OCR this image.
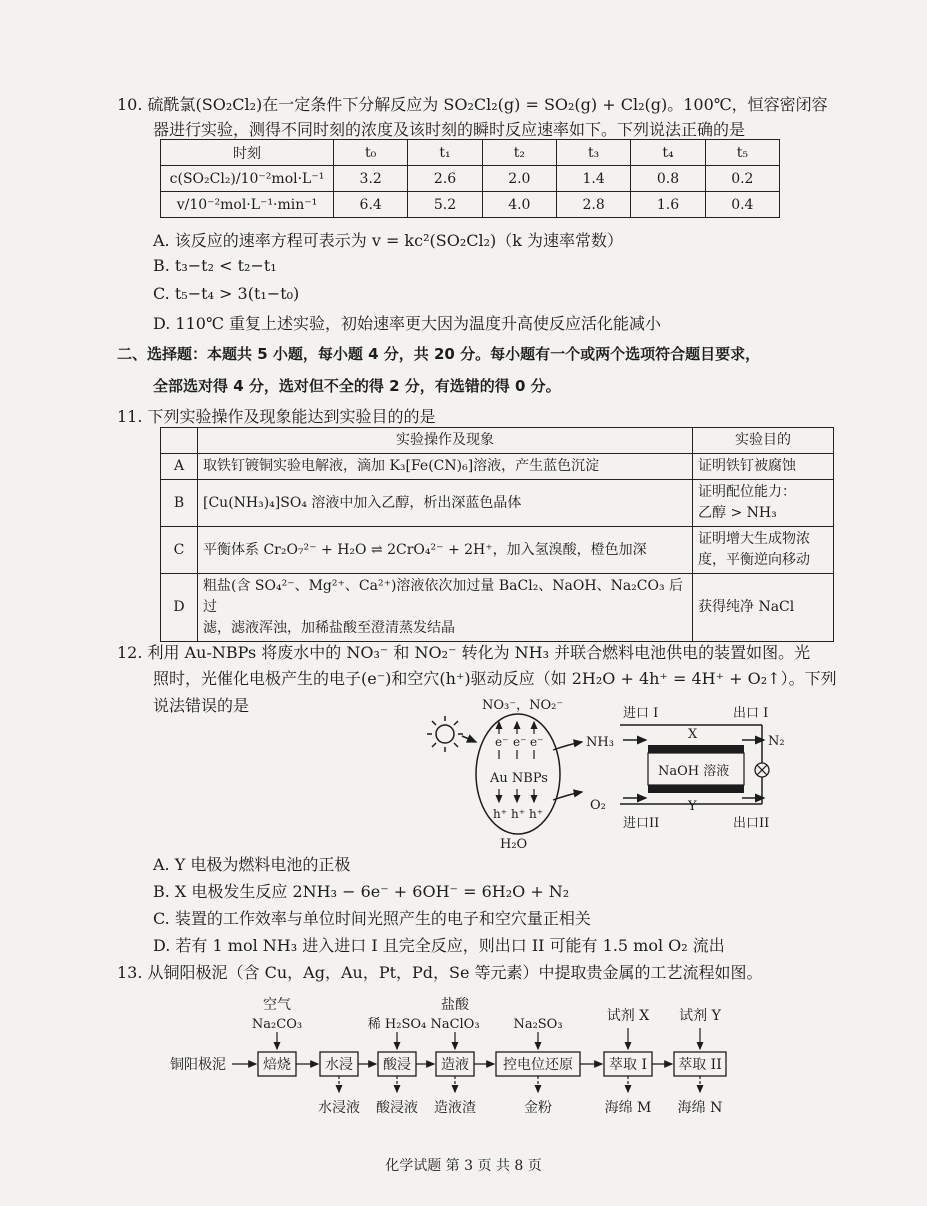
10. 硫酰氯(SO₂Cl₂)在一定条件下分解反应为 SO₂Cl₂(g) = SO₂(g) + Cl₂(g)。100℃，恒容密闭容
器进行实验，测得不同时刻的浓度及该时刻的瞬时反应速率如下。下列说法正确的是
时刻	t₀	t₁	t₂	t₃	t₄	t₅
c(SO₂Cl₂)/10⁻²mol·L⁻¹	3.2	2.6	2.0	1.4	0.8	0.2
v/10⁻²mol·L⁻¹·min⁻¹	6.4	5.2	4.0	2.8	1.6	0.4
A. 该反应的速率方程可表示为 v = kc²(SO₂Cl₂)（k 为速率常数）
B. t₃−t₂ < t₂−t₁
C. t₅−t₄ > 3(t₁−t₀)
D. 110℃ 重复上述实验，初始速率更大因为温度升高使反应活化能减小
二、选择题：本题共 5 小题，每小题 4 分，共 20 分。每小题有一个或两个选项符合题目要求，
全部选对得 4 分，选对但不全的得 2 分，有选错的得 0 分。
11. 下列实验操作及现象能达到实验目的的是
	实验操作及现象	实验目的
A	取铁钉镀铜实验电解液，滴加 K₃[Fe(CN)₆]溶液，产生蓝色沉淀	证明铁钉被腐蚀
B	[Cu(NH₃)₄]SO₄ 溶液中加入乙醇，析出深蓝色晶体	证明配位能力：
乙醇 > NH₃

C	平衡体系 Cr₂O₇²⁻ + H₂O ⇌ 2CrO₄²⁻ + 2H⁺，加入氢溴酸，橙色加深	证明增大生成物浓
度，平衡逆向移动

D	粗盐(含 SO₄²⁻、Mg²⁺、Ca²⁺)溶液依次加过量 BaCl₂、NaOH、Na₂CO₃ 后过
滤，滤液浑浊，加稀盐酸至澄清蒸发结晶	获得纯净 NaCl
12. 利用 Au-NBPs 将废水中的 NO₃⁻ 和 NO₂⁻ 转化为 NH₃ 并联合燃料电池供电的装置如图。光
照时，光催化电极产生的电子(e⁻)和空穴(h⁺)驱动反应（如 2H₂O + 4h⁺ = 4H⁺ + O₂↑）。下列
说法错误的是	NO₃⁻，NO₂⁻
e⁻ e⁻ e⁻
Au NBPs
h⁺ h⁺ h⁺
H₂O
NH₃
O₂
进口 I	出口 I
X	N₂
NaOH 溶液
Y
进口II	出口II
A. Y 电极为燃料电池的正极
B. X 电极发生反应 2NH₃ − 6e⁻ + 6OH⁻ = 6H₂O + N₂
C. 装置的工作效率与单位时间光照产生的电子和空穴量正相关
D. 若有 1 mol NH₃ 进入进口 I 且完全反应，则出口 II 可能有 1.5 mol O₂ 流出
13. 从铜阳极泥（含 Cu，Ag，Au，Pt，Pd，Se 等元素）中提取贵金属的工艺流程如图。
铜阳极泥	焙烧
空气
Na₂CO₃
水浸
水浸液
酸浸
稀 H₂SO₄
酸浸液
造液
盐酸
NaClO₃
造液渣
控电位还原
Na₂SO₃
金粉
萃取 I
试剂 X
海绵 M
萃取 II
试剂 Y
海绵 N
化学试题 第 3 页 共 8 页
